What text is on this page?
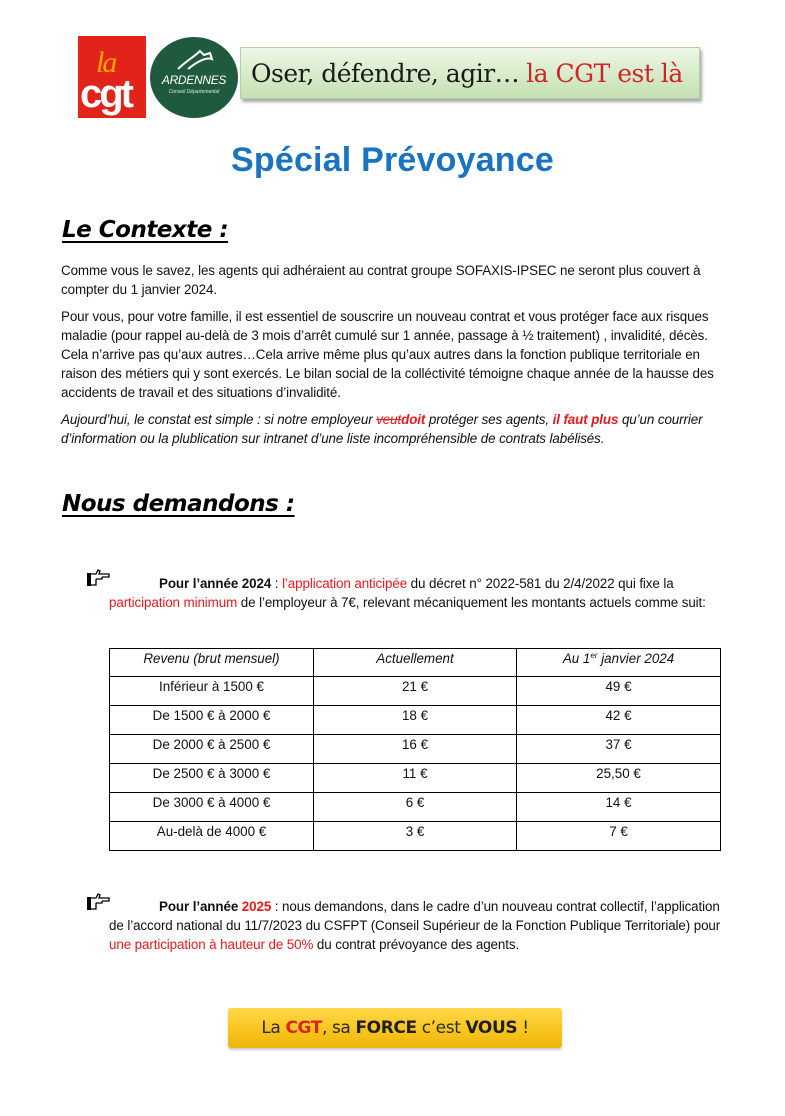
la
cgt	ARDENNES
Conseil Départemental
Oser, défendre, agir… la CGT est là
Spécial Prévoyance
Le Contexte :

Comme vous le savez, les agents qui adhéraient au contrat groupe SOFAXIS-IPSEC ne seront plus couvert à compter du 1 janvier 2024.

Pour vous, pour votre famille, il est essentiel de souscrire un nouveau contrat et vous protéger face aux risques maladie (pour rappel au-delà de 3 mois d’arrêt cumulé sur 1 année, passage à ½ traitement) , invalidité, décès. Cela n’arrive pas qu’aux autres…Cela arrive même plus qu’aux autres dans la fonction publique territoriale en raison des métiers qui y sont exercés. Le bilan social de la colléctivité témoigne chaque année de la hausse des accidents de travail et des situations d’invalidité.

Aujourd’hui, le constat est simple : si notre employeur veutdoit protéger ses agents, il faut plus qu’un courrier d’information ou la plublication sur intranet d’une liste incompréhensible de contrats labélisés.

Nous demandons :

Pour l’année 2024 : l’application anticipée du décret n° 2022-581 du 2/4/2022 qui fixe la participation minimum de l’employeur à 7€, relevant mécaniquement les montants actuels comme suit:

Revenu (brut mensuel)	Actuellement	Au 1er janvier 2024
Inférieur à 1500 €	21 €	49 €
De 1500 € à 2000 €	18 €	42 €
De 2000 € à 2500 €	16 €	37 €
De 2500 € à 3000 €	11 €	25,50 €
De 3000 € à 4000 €	6 €	14 €
Au-delà de 4000 €	3 €	7 €

Pour l’année 2025 : nous demandons, dans le cadre d’un nouveau contrat collectif, l’application de l’accord national du 11/7/2023 du CSFPT (Conseil Supérieur de la Fonction Publique Territoriale) pour une participation à hauteur de 50% du contrat prévoyance des agents.

La CGT , sa FORCE c’est VOUS !
